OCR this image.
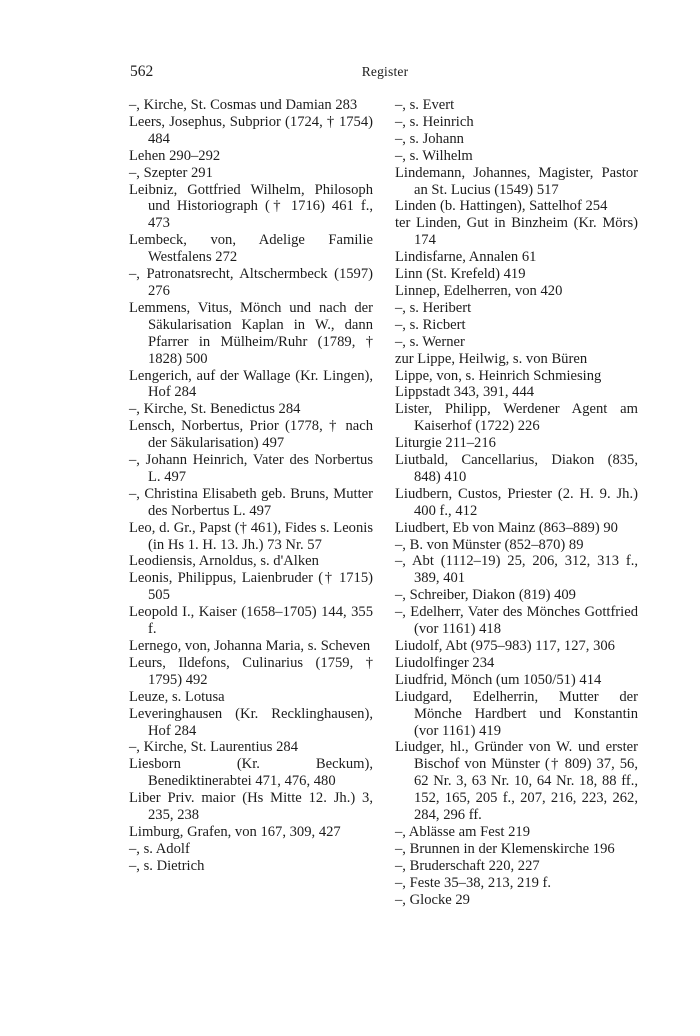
562	Register

–, Kirche, St. Cosmas und Damian 283

Leers, Josephus, Subprior (1724, † 1754) 484

Lehen 290–292

–, Szepter 291

Leibniz, Gottfried Wilhelm, Philosoph und Historiograph († 1716) 461 f., 473

Lembeck, von, Adelige Familie Westfalens 272

–, Patronatsrecht, Altschermbeck (1597) 276

Lemmens, Vitus, Mönch und nach der Säkularisation Kaplan in W., dann Pfarrer in Mülheim/Ruhr (1789, † 1828) 500

Lengerich, auf der Wallage (Kr. Lingen), Hof 284

–, Kirche, St. Benedictus 284

Lensch, Norbertus, Prior (1778, † nach der Säkularisation) 497

–, Johann Heinrich, Vater des Norbertus L. 497

–, Christina Elisabeth geb. Bruns, Mutter des Norbertus L. 497

Leo, d. Gr., Papst († 461), Fides s. Leonis (in Hs 1. H. 13. Jh.) 73 Nr. 57

Leodiensis, Arnoldus, s. d'Alken

Leonis, Philippus, Laienbruder († 1715) 505

Leopold I., Kaiser (1658–1705) 144, 355 f.

Lernego, von, Johanna Maria, s. Scheven

Leurs, Ildefons, Culinarius (1759, † 1795) 492

Leuze, s. Lotusa

Leveringhausen (Kr. Recklinghausen), Hof 284

–, Kirche, St. Laurentius 284

Liesborn (Kr. Beckum), Benediktinerabtei 471, 476, 480

Liber Priv. maior (Hs Mitte 12. Jh.) 3, 235, 238

Limburg, Grafen, von 167, 309, 427

–, s. Adolf

–, s. Dietrich

–, s. Evert

–, s. Heinrich

–, s. Johann

–, s. Wilhelm

Lindemann, Johannes, Magister, Pastor an St. Lucius (1549) 517

Linden (b. Hattingen), Sattelhof 254

ter Linden, Gut in Binzheim (Kr. Mörs) 174

Lindisfarne, Annalen 61

Linn (St. Krefeld) 419

Linnep, Edelherren, von 420

–, s. Heribert

–, s. Ricbert

–, s. Werner

zur Lippe, Heilwig, s. von Büren

Lippe, von, s. Heinrich Schmiesing

Lippstadt 343, 391, 444

Lister, Philipp, Werdener Agent am Kaiserhof (1722) 226

Liturgie 211–216

Liutbald, Cancellarius, Diakon (835, 848) 410

Liudbern, Custos, Priester (2. H. 9. Jh.) 400 f., 412

Liudbert, Eb von Mainz (863–889) 90

–, B. von Münster (852–870) 89

–, Abt (1112–19) 25, 206, 312, 313 f., 389, 401

–, Schreiber, Diakon (819) 409

–, Edelherr, Vater des Mönches Gottfried (vor 1161) 418

Liudolf, Abt (975–983) 117, 127, 306

Liudolfinger 234

Liudfrid, Mönch (um 1050/51) 414

Liudgard, Edelherrin, Mutter der Mönche Hardbert und Konstantin (vor 1161) 419

Liudger, hl., Gründer von W. und erster Bischof von Münster († 809) 37, 56, 62 Nr. 3, 63 Nr. 10, 64 Nr. 18, 88 ff., 152, 165, 205 f., 207, 216, 223, 262, 284, 296 ff.

–, Ablässe am Fest 219

–, Brunnen in der Klemenskirche 196

–, Bruderschaft 220, 227

–, Feste 35–38, 213, 219 f.

–, Glocke 29
